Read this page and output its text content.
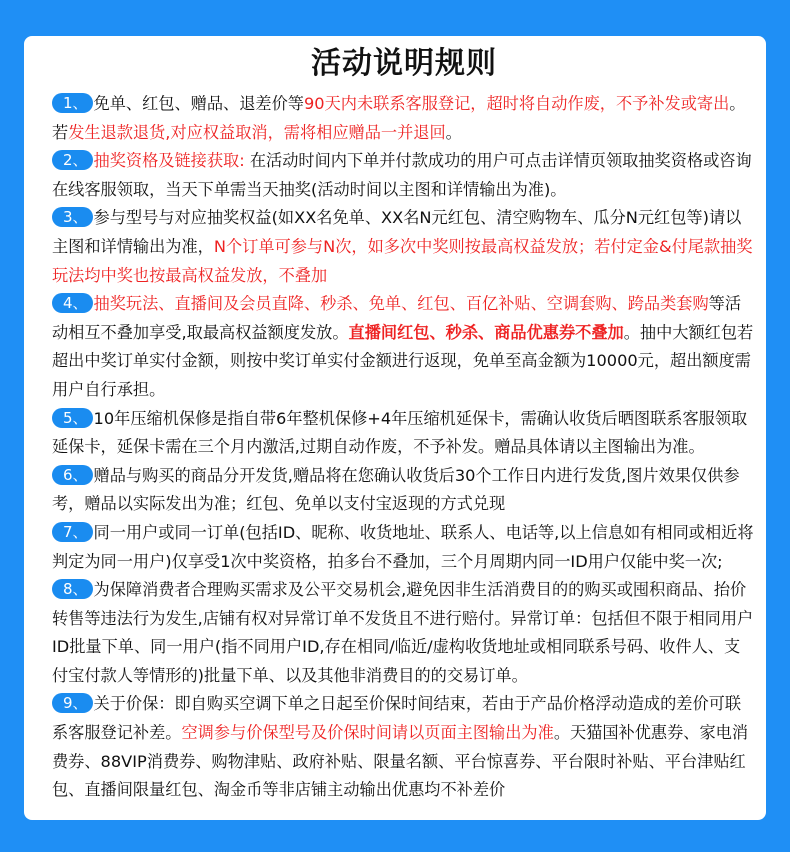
活动说明规则

1、 免单、红包、赠品、退差价等90天内未联系客服登记，超时将自动作废，不予补发或寄出。若发生退款退货,对应权益取消，需将相应赠品一并退回。

2、 抽奖资格及链接获取: 在活动时间内下单并付款成功的用户可点击详情页领取抽奖资格或咨询在线客服领取，当天下单需当天抽奖(活动时间以主图和详情输出为准)。

3、 参与型号与对应抽奖权益(如XX名免单、XX名N元红包、清空购物车、瓜分N元红包等)请以主图和详情输出为准，N个订单可参与N次，如多次中奖则按最高权益发放；若付定金&付尾款抽奖玩法均中奖也按最高权益发放，不叠加

4、 抽奖玩法、直播间及会员直降、秒杀、免单、红包、百亿补贴、空调套购、跨品类套购等活动相互不叠加享受,取最高权益额度发放。直播间红包、秒杀、商品优惠券不叠加。抽中大额红包若超出中奖订单实付金额，则按中奖订单实付金额进行返现，免单至高金额为10000元，超出额度需用户自行承担。

5、 10年压缩机保修是指自带6年整机保修+4年压缩机延保卡，需确认收货后晒图联系客服领取延保卡，延保卡需在三个月内激活,过期自动作废，不予补发。赠品具体请以主图输出为准。

6、 赠品与购买的商品分开发货,赠品将在您确认收货后30个工作日内进行发货,图片效果仅供参考，赠品以实际发出为准；红包、免单以支付宝返现的方式兑现

7、 同一用户或同一订单(包括ID、昵称、收货地址、联系人、电话等,以上信息如有相同或相近将判定为同一用户)仅享受1次中奖资格，拍多台不叠加，三个月周期内同一ID用户仅能中奖一次;

8、 为保障消费者合理购买需求及公平交易机会,避免因非生活消费目的的购买或囤积商品、抬价转售等违法行为发生,店铺有权对异常订单不发货且不进行赔付。异常订单：包括但不限于相同用户ID批量下单、同一用户(指不同用户ID,存在相同/临近/虚构收货地址或相同联系号码、收件人、支付宝付款人等情形的)批量下单、以及其他非消费目的的交易订单。

9、 关于价保：即自购买空调下单之日起至价保时间结束，若由于产品价格浮动造成的差价可联系客服登记补差。空调参与价保型号及价保时间请以页面主图输出为准。天猫国补优惠券、家电消费券、88VIP消费券、购物津贴、政府补贴、限量名额、平台惊喜券、平台限时补贴、平台津贴红包、直播间限量红包、淘金币等非店铺主动输出优惠均不补差价
